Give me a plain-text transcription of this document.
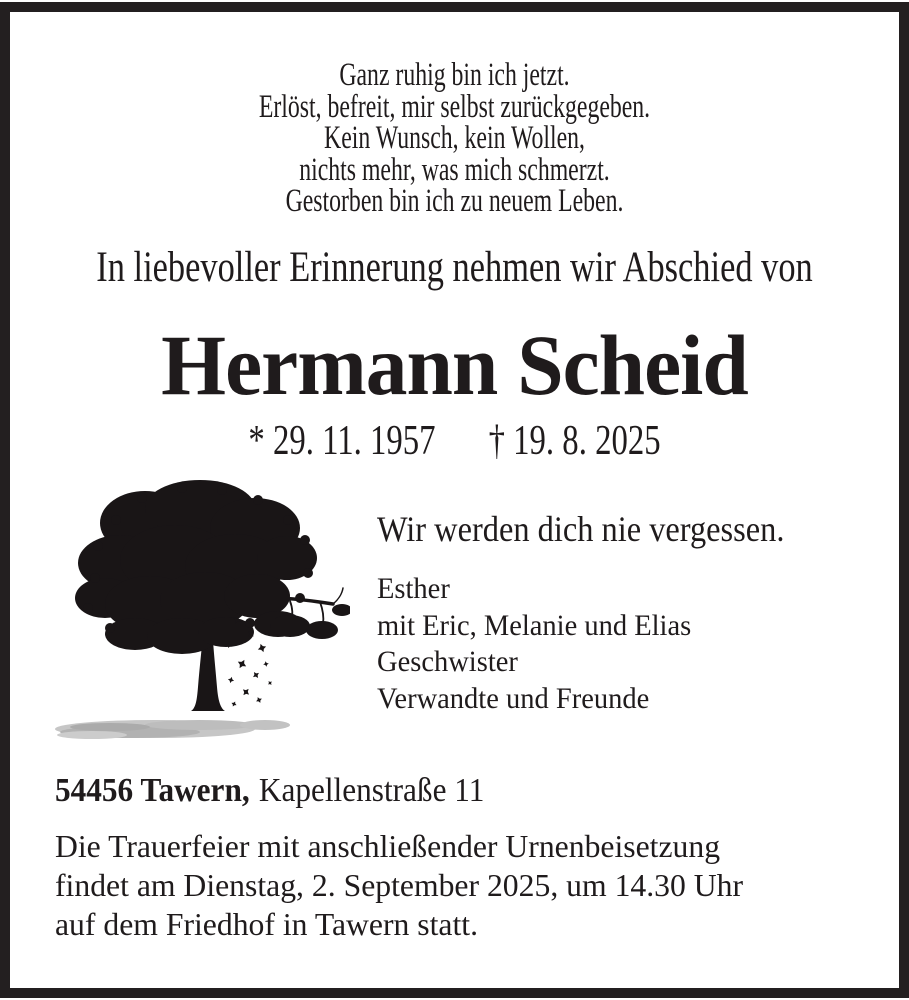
Ganz ruhig bin ich jetzt.
Erlöst, befreit, mir selbst zurückgegeben.
Kein Wunsch, kein Wollen,
nichts mehr, was mich schmerzt.
Gestorben bin ich zu neuem Leben.
In liebevoller Erinnerung nehmen wir Abschied von
Hermann Scheid
* 29. 11. 1957 † 19. 8. 2025
Wir werden dich nie vergessen.
Esther
mit Eric, Melanie und Elias
Geschwister
Verwandte und Freunde
54456 Tawern, Kapellenstraße 11
Die Trauerfeier mit anschließender Urnenbeisetzung
findet am Dienstag, 2. September 2025, um 14.30 Uhr
auf dem Friedhof in Tawern statt.
